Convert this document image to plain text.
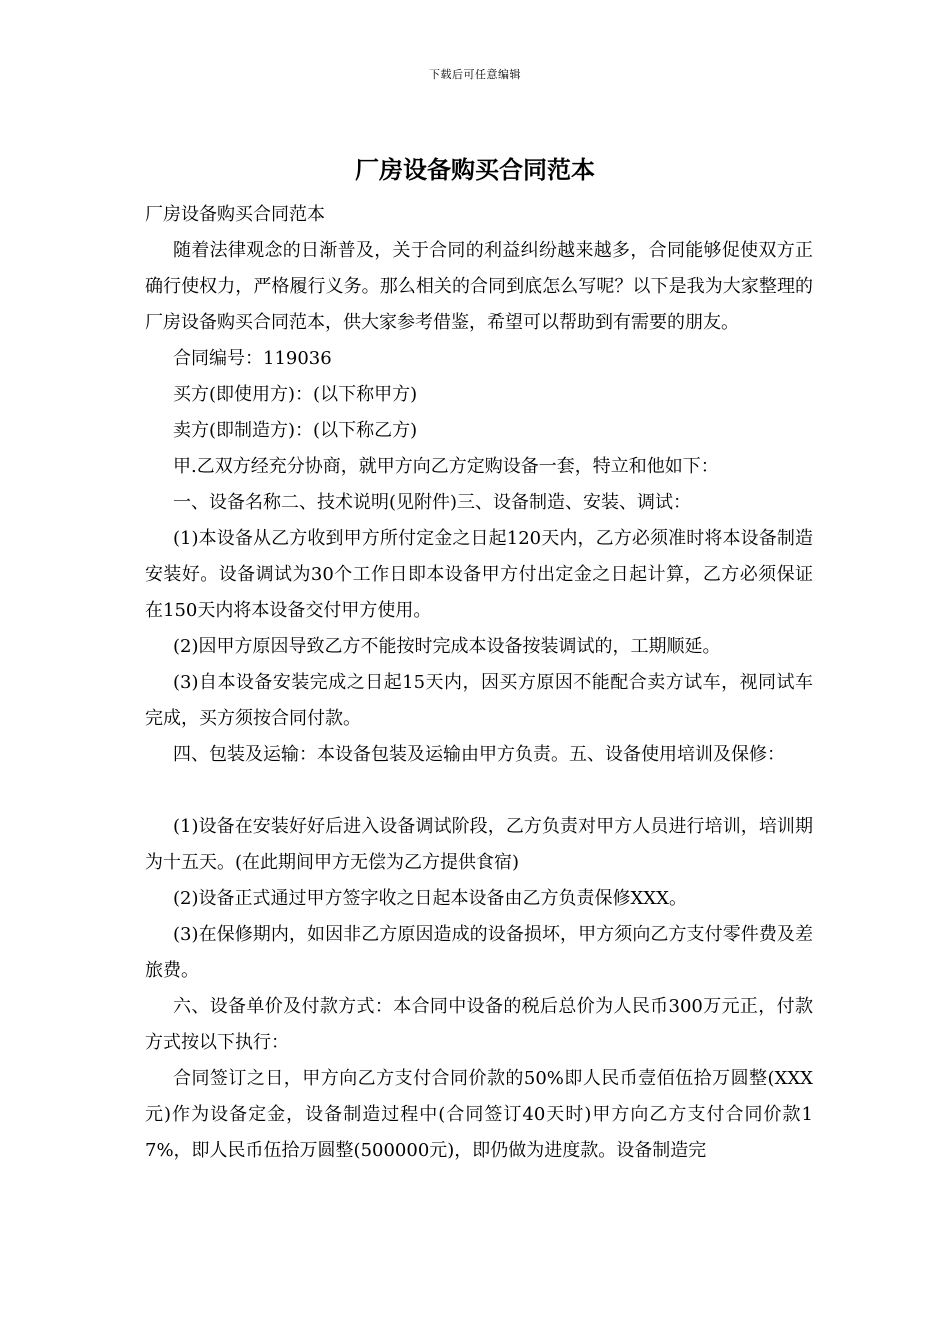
下载后可任意编辑
厂房设备购买合同范本

厂房设备购买合同范本

随着法律观念的日渐普及，关于合同的利益纠纷越来越多，合同能够促使双方正确行使权力，严格履行义务。那么相关的合同到底怎么写呢？以下是我为大家整理的厂房设备购买合同范本，供大家参考借鉴，希望可以帮助到有需要的朋友。

合同编号：119036

买方(即使用方)：(以下称甲方)

卖方(即制造方)：(以下称乙方)

甲.乙双方经充分协商，就甲方向乙方定购设备一套，特立和他如下：

一、设备名称二、技术说明(见附件)三、设备制造、安装、调试：

(1)本设备从乙方收到甲方所付定金之日起120天内，乙方必须准时将本设备制造安装好。设备调试为30个工作日即本设备甲方付出定金之日起计算，乙方必须保证在150天内将本设备交付甲方使用。

(2)因甲方原因导致乙方不能按时完成本设备按装调试的，工期顺延。

(3)自本设备安装完成之日起15天内，因买方原因不能配合卖方试车，视同试车完成，买方须按合同付款。

四、包装及运输：本设备包装及运输由甲方负责。五、设备使用培训及保修：

(1)设备在安装好好后进入设备调试阶段，乙方负责对甲方人员进行培训，培训期为十五天。(在此期间甲方无偿为乙方提供食宿)

(2)设备正式通过甲方签字收之日起本设备由乙方负责保修XXX。

(3)在保修期内，如因非乙方原因造成的设备损坏，甲方须向乙方支付零件费及差旅费。

六、设备单价及付款方式：本合同中设备的税后总价为人民币300万元正，付款方式按以下执行：

合同签订之日，甲方向乙方支付合同价款的50%即人民币壹佰伍拾万圆整(XXX元)作为设备定金，设备制造过程中(合同签订40天时)甲方向乙方支付合同价款17%，即人民币伍拾万圆整(500000元)，即仍做为进度款。设备制造完
